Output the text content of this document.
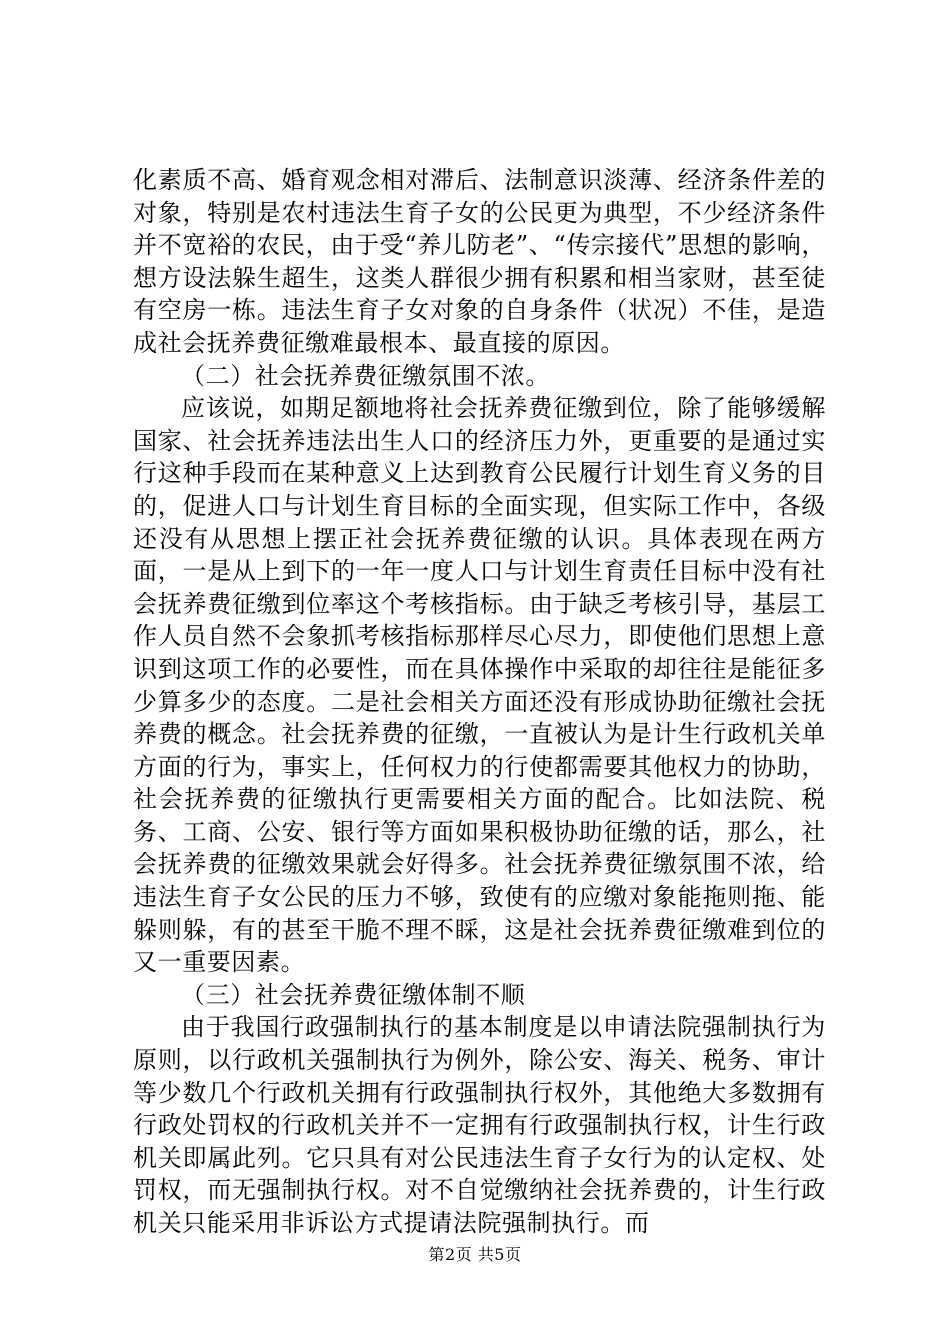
化素质不高、婚育观念相对滞后、法制意识淡薄、经济条件差的对象，特别是农村违法生育子女的公民更为典型，不少经济条件并不宽裕的农民，由于受“养儿防老”、“传宗接代”思想的影响，想方设法躲生超生，这类人群很少拥有积累和相当家财，甚至徒有空房一栋。违法生育子女对象的自身条件（状况）不佳，是造成社会抚养费征缴难最根本、最直接的原因。

（二）社会抚养费征缴氛围不浓。

应该说，如期足额地将社会抚养费征缴到位，除了能够缓解国家、社会抚养违法出生人口的经济压力外，更重要的是通过实行这种手段而在某种意义上达到教育公民履行计划生育义务的目的，促进人口与计划生育目标的全面实现，但实际工作中，各级还没有从思想上摆正社会抚养费征缴的认识。具体表现在两方面，一是从上到下的一年一度人口与计划生育责任目标中没有社会抚养费征缴到位率这个考核指标。由于缺乏考核引导，基层工作人员自然不会象抓考核指标那样尽心尽力，即使他们思想上意识到这项工作的必要性，而在具体操作中采取的却往往是能征多少算多少的态度。二是社会相关方面还没有形成协助征缴社会抚养费的概念。社会抚养费的征缴，一直被认为是计生行政机关单方面的行为，事实上，任何权力的行使都需要其他权力的协助，社会抚养费的征缴执行更需要相关方面的配合。比如法院、税务、工商、公安、银行等方面如果积极协助征缴的话，那么，社会抚养费的征缴效果就会好得多。社会抚养费征缴氛围不浓，给违法生育子女公民的压力不够，致使有的应缴对象能拖则拖、能躲则躲，有的甚至干脆不理不睬，这是社会抚养费征缴难到位的又一重要因素。

（三）社会抚养费征缴体制不顺

由于我国行政强制执行的基本制度是以申请法院强制执行为原则，以行政机关强制执行为例外，除公安、海关、税务、审计等少数几个行政机关拥有行政强制执行权外，其他绝大多数拥有行政处罚权的行政机关并不一定拥有行政强制执行权，计生行政机关即属此列。它只具有对公民违法生育子女行为的认定权、处罚权，而无强制执行权。对不自觉缴纳社会抚养费的，计生行政机关只能采用非诉讼方式提请法院强制执行。而

第2页 共5页
